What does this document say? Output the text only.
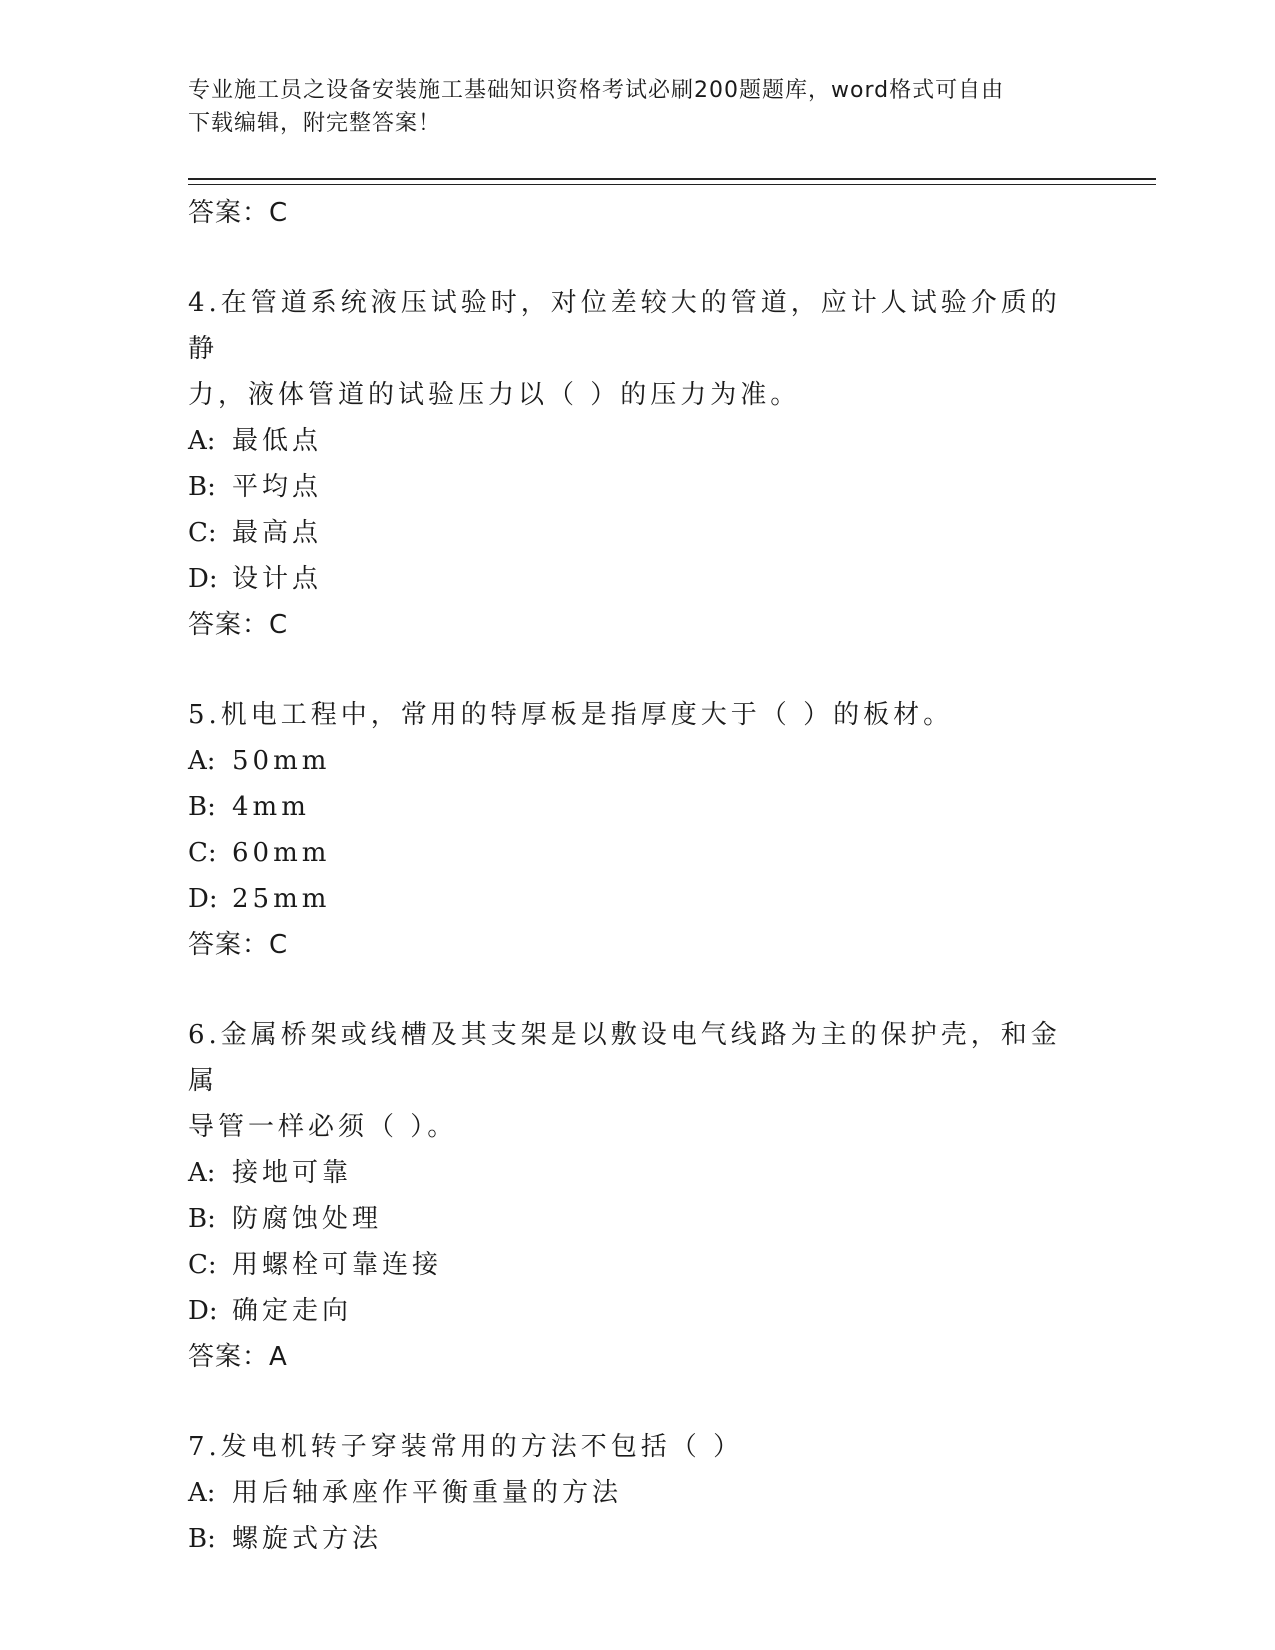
专业施工员之设备安装施工基础知识资格考试必刷200题题库，word格式可自由
下载编辑，附完整答案！
答案：C
4.在管道系统液压试验时，对位差较大的管道，应计人试验介质的静
力，液体管道的试验压力以（ ）的压力为准。
A: 最低点
B: 平均点
C: 最高点
D: 设计点
答案：C
5.机电工程中，常用的特厚板是指厚度大于（ ）的板材。
A: 50mm
B: 4mm
C: 60mm
D: 25mm
答案：C
6.金属桥架或线槽及其支架是以敷设电气线路为主的保护壳，和金属
导管一样必须（ ）。
A: 接地可靠
B: 防腐蚀处理
C: 用螺栓可靠连接
D: 确定走向
答案：A
7.发电机转子穿装常用的方法不包括（ ）
A: 用后轴承座作平衡重量的方法
B: 螺旋式方法
